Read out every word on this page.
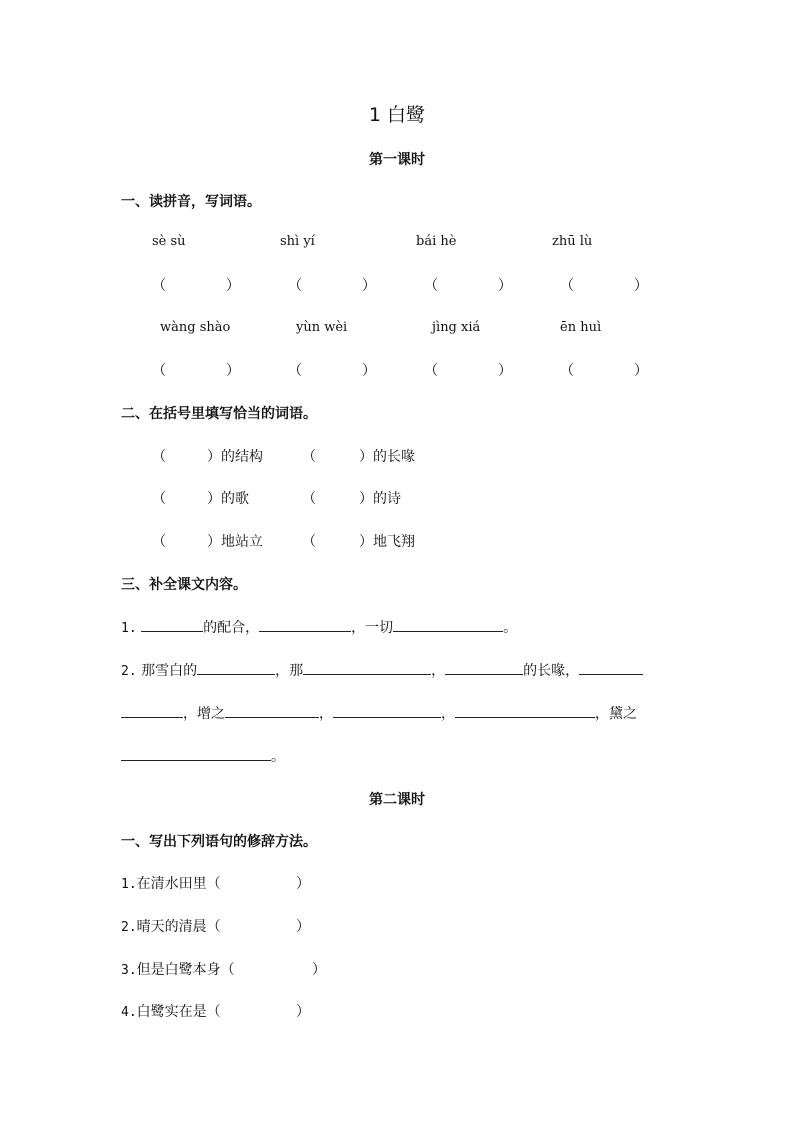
1 白鹭
第一课时
一、读拼音，写词语。
sè sù	shì yí	bái hè	zhū lù
（	）	（	）	（	）	（	）
wàng shào	yùn wèi	jìng xiá	ēn huì
（	）	（	）	（	）	（	）
二、在括号里填写恰当的词语。
（	）的结构	（	）的长喙
（	）的歌	（	）的诗
（	）地站立	（	）地飞翔
三、补全课文内容。
1.	的配合，	，一切	。
2. 那雪白的	，那	，	的长喙，
，增之	，	，	，黛之
。
第二课时
一、写出下列语句的修辞方法。
1.在清水田里（	）
2.晴天的清晨（	）
3.但是白鹭本身（	）
4.白鹭实在是（	）
